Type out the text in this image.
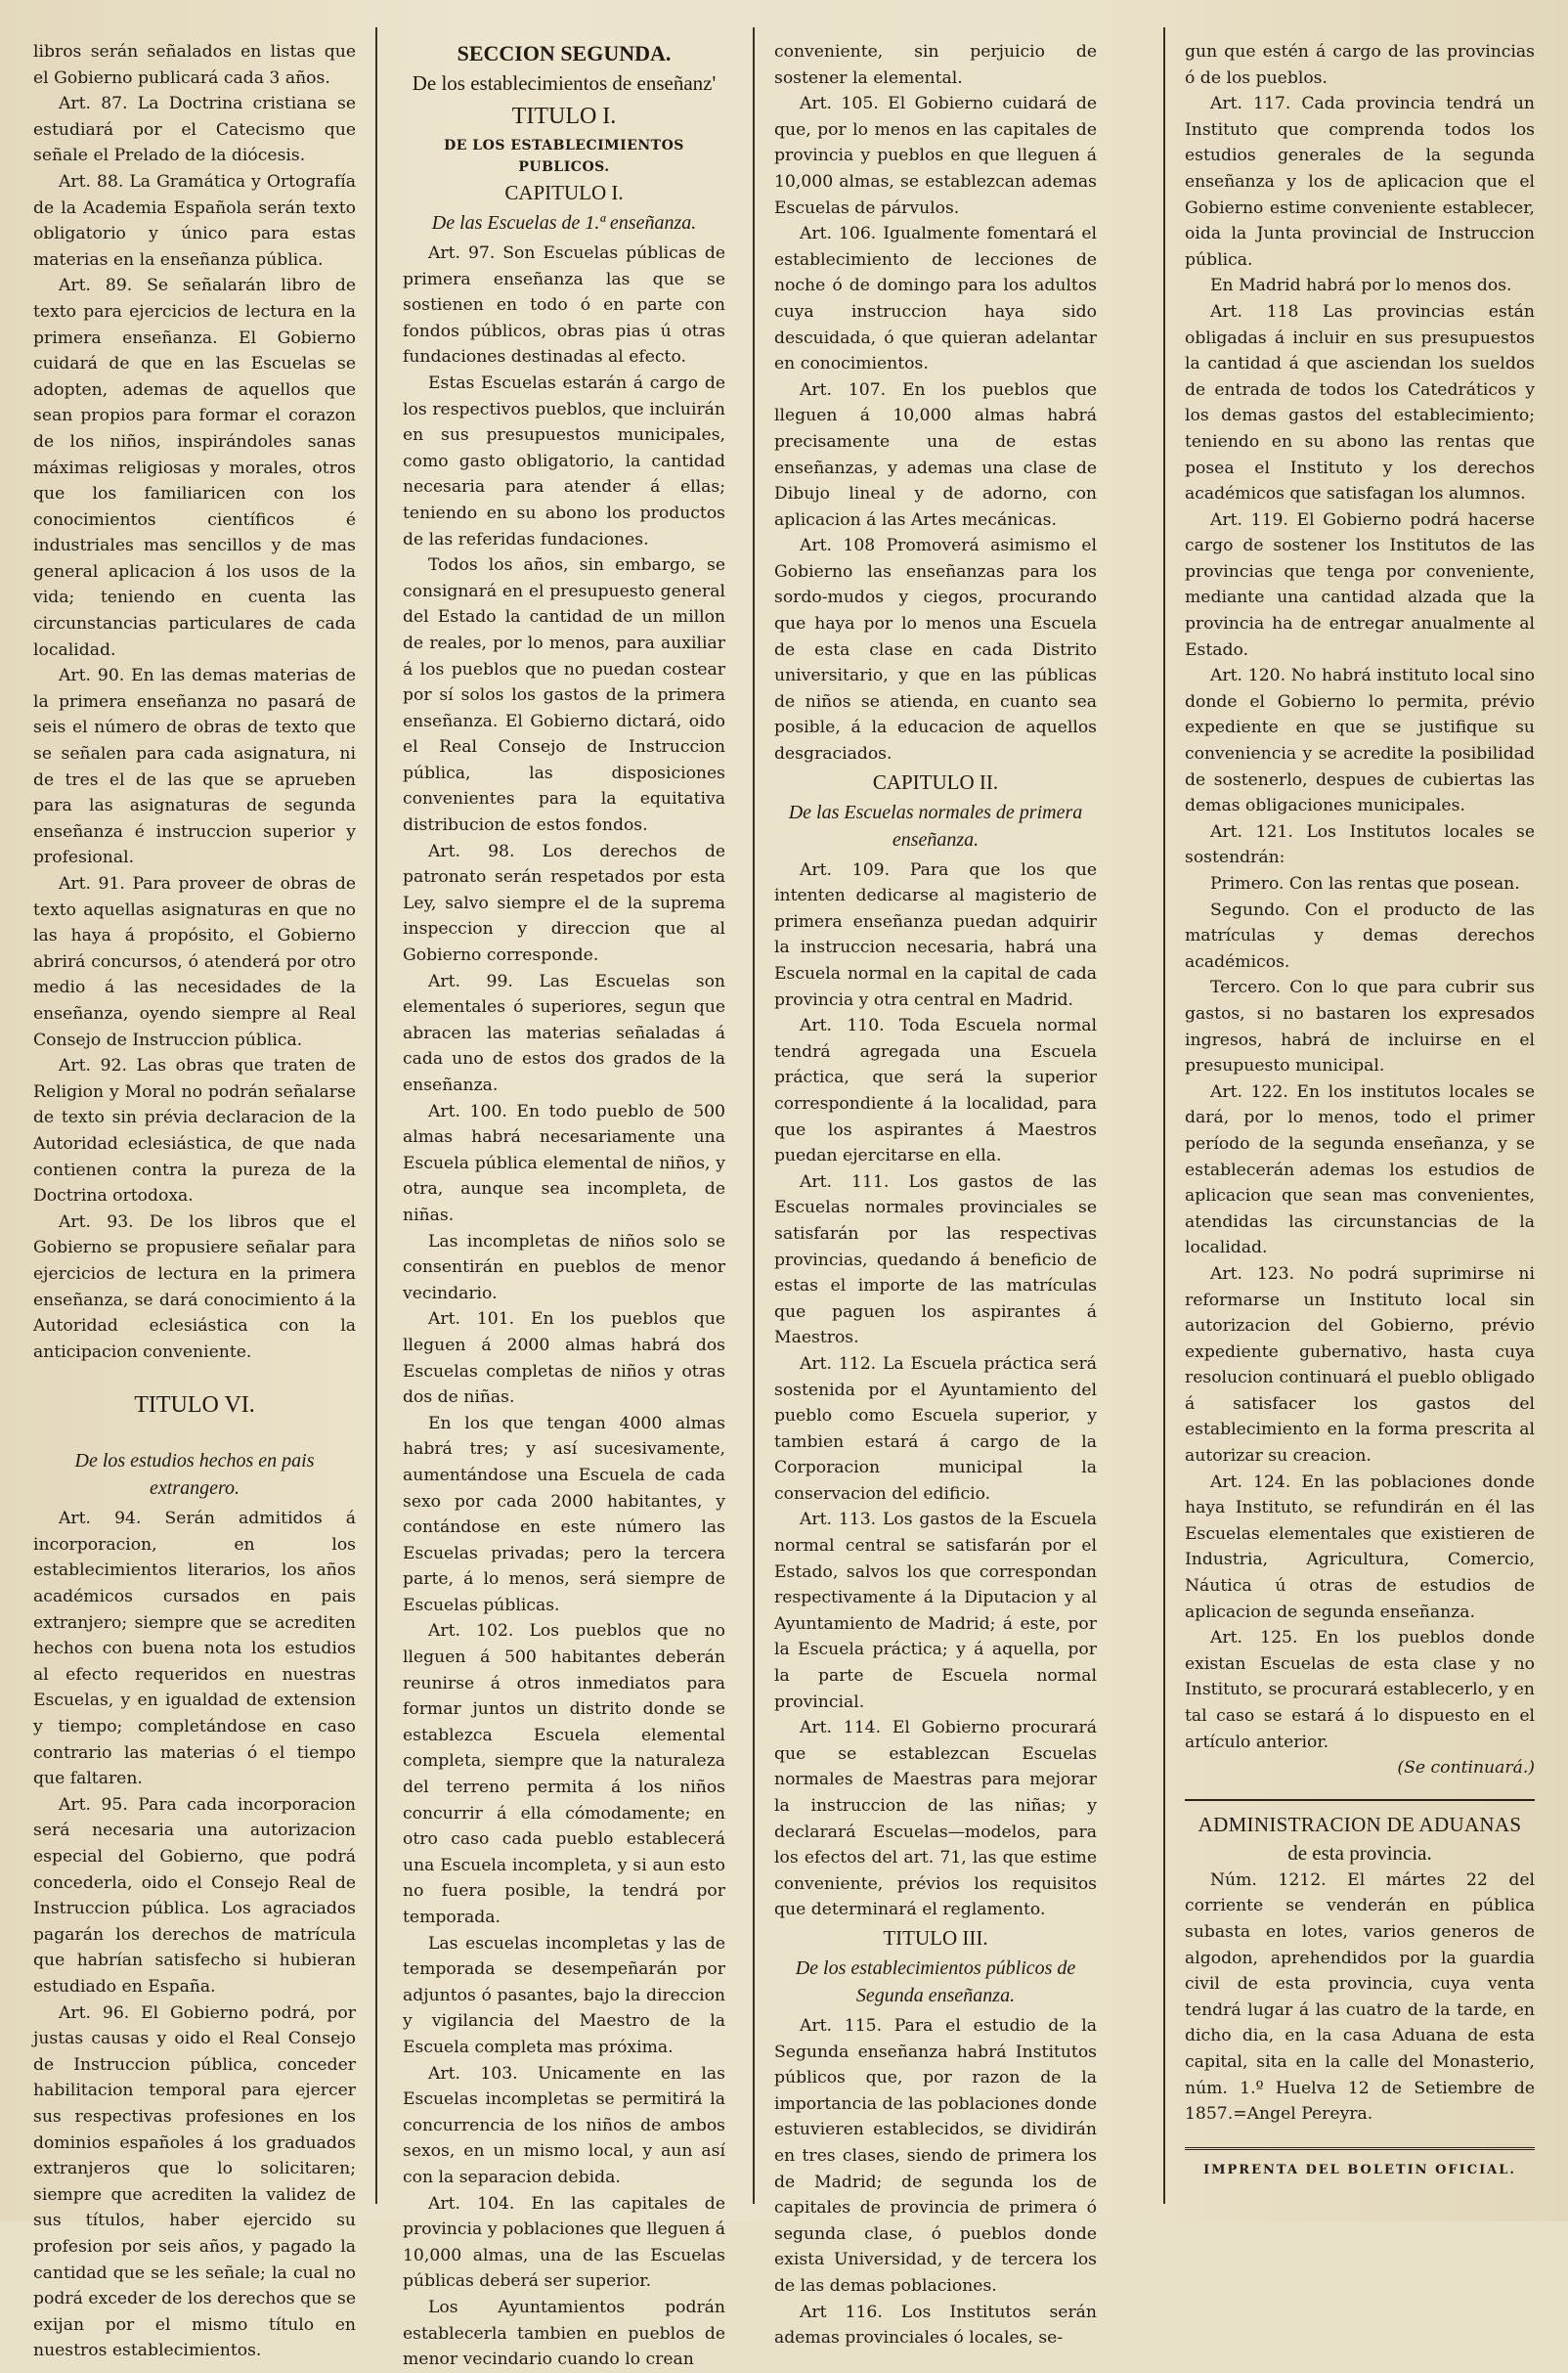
libros serán señalados en listas que el Gobierno publicará cada 3 años.

Art. 87. La Doctrina cristiana se estudiará por el Catecismo que señale el Prelado de la diócesis.

Art. 88. La Gramática y Ortografía de la Academia Española serán texto obligatorio y único para estas materias en la enseñanza pública.

Art. 89. Se señalarán libro de texto para ejercicios de lectura en la primera enseñanza. El Gobierno cuidará de que en las Escuelas se adopten, ademas de aquellos que sean propios para formar el corazon de los niños, inspirándoles sanas máximas religiosas y morales, otros que los familiaricen con los conocimientos científicos é industriales mas sencillos y de mas general aplicacion á los usos de la vida; teniendo en cuenta las circunstancias particulares de cada localidad.

Art. 90. En las demas materias de la primera enseñanza no pasará de seis el número de obras de texto que se señalen para cada asignatura, ni de tres el de las que se aprueben para las asignaturas de segunda enseñanza é instruccion superior y profesional.

Art. 91. Para proveer de obras de texto aquellas asignaturas en que no las haya á propósito, el Gobierno abrirá concursos, ó atenderá por otro medio á las necesidades de la enseñanza, oyendo siempre al Real Consejo de Instruccion pública.

Art. 92. Las obras que traten de Religion y Moral no podrán señalarse de texto sin prévia declaracion de la Autoridad eclesiástica, de que nada contienen contra la pureza de la Doctrina ortodoxa.

Art. 93. De los libros que el Gobierno se propusiere señalar para ejercicios de lectura en la primera enseñanza, se dará conocimiento á la Autoridad eclesiástica con la anticipacion conveniente.

TITULO VI.
De los estudios hechos en pais extrangero.

Art. 94. Serán admitidos á incorporacion, en los establecimientos literarios, los años académicos cursados en pais extranjero; siempre que se acrediten hechos con buena nota los estudios al efecto requeridos en nuestras Escuelas, y en igualdad de extension y tiempo; completándose en caso contrario las materias ó el tiempo que faltaren.

Art. 95. Para cada incorporacion será necesaria una autorizacion especial del Gobierno, que podrá concederla, oido el Consejo Real de Instruccion pública. Los agraciados pagarán los derechos de matrícula que habrían satisfecho si hubieran estudiado en España.

Art. 96. El Gobierno podrá, por justas causas y oido el Real Consejo de Instruccion pública, conceder habilitacion temporal para ejercer sus respectivas profesiones en los dominios españoles á los graduados extranjeros que lo solicitaren; siempre que acrediten la validez de sus títulos, haber ejercido su profesion por seis años, y pagado la cantidad que se les señale; la cual no podrá exceder de los derechos que se exijan por el mismo título en nuestros establecimientos.

SECCION SEGUNDA.
De los establecimientos de enseñanz'
TITULO I.
DE LOS ESTABLECIMIENTOS PUBLICOS.
CAPITULO I.
De las Escuelas de 1.ª enseñanza.

Art. 97. Son Escuelas públicas de primera enseñanza las que se sostienen en todo ó en parte con fondos públicos, obras pias ú otras fundaciones destinadas al efecto.

Estas Escuelas estarán á cargo de los respectivos pueblos, que incluirán en sus presupuestos municipales, como gasto obligatorio, la cantidad necesaria para atender á ellas; teniendo en su abono los productos de las referidas fundaciones.

Todos los años, sin embargo, se consignará en el presupuesto general del Estado la cantidad de un millon de reales, por lo menos, para auxiliar á los pueblos que no puedan costear por sí solos los gastos de la primera enseñanza. El Gobierno dictará, oido el Real Consejo de Instruccion pública, las disposiciones convenientes para la equitativa distribucion de estos fondos.

Art. 98. Los derechos de patronato serán respetados por esta Ley, salvo siempre el de la suprema inspeccion y direccion que al Gobierno corresponde.

Art. 99. Las Escuelas son elementales ó superiores, segun que abracen las materias señaladas á cada uno de estos dos grados de la enseñanza.

Art. 100. En todo pueblo de 500 almas habrá necesariamente una Escuela pública elemental de niños, y otra, aunque sea incompleta, de niñas.

Las incompletas de niños solo se consentirán en pueblos de menor vecindario.

Art. 101. En los pueblos que lleguen á 2000 almas habrá dos Escuelas completas de niños y otras dos de niñas.

En los que tengan 4000 almas habrá tres; y así sucesivamente, aumentándose una Escuela de cada sexo por cada 2000 habitantes, y contándose en este número las Escuelas privadas; pero la tercera parte, á lo menos, será siempre de Escuelas públicas.

Art. 102. Los pueblos que no lleguen á 500 habitantes deberán reunirse á otros inmediatos para formar juntos un distrito donde se establezca Escuela elemental completa, siempre que la naturaleza del terreno permita á los niños concurrir á ella cómodamente; en otro caso cada pueblo establecerá una Escuela incompleta, y si aun esto no fuera posible, la tendrá por temporada.

Las escuelas incompletas y las de temporada se desempeñarán por adjuntos ó pasantes, bajo la direccion y vigilancia del Maestro de la Escuela completa mas próxima.

Art. 103. Unicamente en las Escuelas incompletas se permitirá la concurrencia de los niños de ambos sexos, en un mismo local, y aun así con la separacion debida.

Art. 104. En las capitales de provincia y poblaciones que lleguen á 10,000 almas, una de las Escuelas públicas deberá ser superior.

Los Ayuntamientos podrán establecerla tambien en pueblos de menor vecindario cuando lo crean

conveniente, sin perjuicio de sostener la elemental.

Art. 105. El Gobierno cuidará de que, por lo menos en las capitales de provincia y pueblos en que lleguen á 10,000 almas, se establezcan ademas Escuelas de párvulos.

Art. 106. Igualmente fomentará el establecimiento de lecciones de noche ó de domingo para los adultos cuya instruccion haya sido descuidada, ó que quieran adelantar en conocimientos.

Art. 107. En los pueblos que lleguen á 10,000 almas habrá precisamente una de estas enseñanzas, y ademas una clase de Dibujo lineal y de adorno, con aplicacion á las Artes mecánicas.

Art. 108 Promoverá asimismo el Gobierno las enseñanzas para los sordo-mudos y ciegos, procurando que haya por lo menos una Escuela de esta clase en cada Distrito universitario, y que en las públicas de niños se atienda, en cuanto sea posible, á la educacion de aquellos desgraciados.

CAPITULO II.
De las Escuelas normales de primera enseñanza.

Art. 109. Para que los que intenten dedicarse al magisterio de primera enseñanza puedan adquirir la instruccion necesaria, habrá una Escuela normal en la capital de cada provincia y otra central en Madrid.

Art. 110. Toda Escuela normal tendrá agregada una Escuela práctica, que será la superior correspondiente á la localidad, para que los aspirantes á Maestros puedan ejercitarse en ella.

Art. 111. Los gastos de las Escuelas normales provinciales se satisfarán por las respectivas provincias, quedando á beneficio de estas el importe de las matrículas que paguen los aspirantes á Maestros.

Art. 112. La Escuela práctica será sostenida por el Ayuntamiento del pueblo como Escuela superior, y tambien estará á cargo de la Corporacion municipal la conservacion del edificio.

Art. 113. Los gastos de la Escuela normal central se satisfarán por el Estado, salvos los que correspondan respectivamente á la Diputacion y al Ayuntamiento de Madrid; á este, por la Escuela práctica; y á aquella, por la parte de Escuela normal provincial.

Art. 114. El Gobierno procurará que se establezcan Escuelas normales de Maestras para mejorar la instruccion de las niñas; y declarará Escuelas—modelos, para los efectos del art. 71, las que estime conveniente, prévios los requisitos que determinará el reglamento.

TITULO III.
De los establecimientos públicos de Segunda enseñanza.

Art. 115. Para el estudio de la Segunda enseñanza habrá Institutos públicos que, por razon de la importancia de las poblaciones donde estuvieren establecidos, se dividirán en tres clases, siendo de primera los de Madrid; de segunda los de capitales de provincia de primera ó segunda clase, ó pueblos donde exista Universidad, y de tercera los de las demas poblaciones.

Art 116. Los Institutos serán ademas provinciales ó locales, se-

gun que estén á cargo de las provincias ó de los pueblos.

Art. 117. Cada provincia tendrá un Instituto que comprenda todos los estudios generales de la segunda enseñanza y los de aplicacion que el Gobierno estime conveniente establecer, oida la Junta provincial de Instruccion pública.

En Madrid habrá por lo menos dos.

Art. 118 Las provincias están obligadas á incluir en sus presupuestos la cantidad á que asciendan los sueldos de entrada de todos los Catedráticos y los demas gastos del establecimiento; teniendo en su abono las rentas que posea el Instituto y los derechos académicos que satisfagan los alumnos.

Art. 119. El Gobierno podrá hacerse cargo de sostener los Institutos de las provincias que tenga por conveniente, mediante una cantidad alzada que la provincia ha de entregar anualmente al Estado.

Art. 120. No habrá instituto local sino donde el Gobierno lo permita, prévio expediente en que se justifique su conveniencia y se acredite la posibilidad de sostenerlo, despues de cubiertas las demas obligaciones municipales.

Art. 121. Los Institutos locales se sostendrán:

Primero. Con las rentas que posean.

Segundo. Con el producto de las matrículas y demas derechos académicos.

Tercero. Con lo que para cubrir sus gastos, si no bastaren los expresados ingresos, habrá de incluirse en el presupuesto municipal.

Art. 122. En los institutos locales se dará, por lo menos, todo el primer período de la segunda enseñanza, y se establecerán ademas los estudios de aplicacion que sean mas convenientes, atendidas las circunstancias de la localidad.

Art. 123. No podrá suprimirse ni reformarse un Instituto local sin autorizacion del Gobierno, prévio expediente gubernativo, hasta cuya resolucion continuará el pueblo obligado á satisfacer los gastos del establecimiento en la forma prescrita al autorizar su creacion.

Art. 124. En las poblaciones donde haya Instituto, se refundirán en él las Escuelas elementales que existieren de Industria, Agricultura, Comercio, Náutica ú otras de estudios de aplicacion de segunda enseñanza.

Art. 125. En los pueblos donde existan Escuelas de esta clase y no Instituto, se procurará establecerlo, y en tal caso se estará á lo dispuesto en el artículo anterior.

(Se continuará.)
ADMINISTRACION DE ADUANAS
de esta provincia.

Núm. 1212. El mártes 22 del corriente se venderán en pública subasta en lotes, varios generos de algodon, aprehendidos por la guardia civil de esta provincia, cuya venta tendrá lugar á las cuatro de la tarde, en dicho dia, en la casa Aduana de esta capital, sita en la calle del Monasterio, núm. 1.º Huelva 12 de Setiembre de 1857.=Angel Pereyra.

IMPRENTA DEL BOLETIN OFICIAL.
